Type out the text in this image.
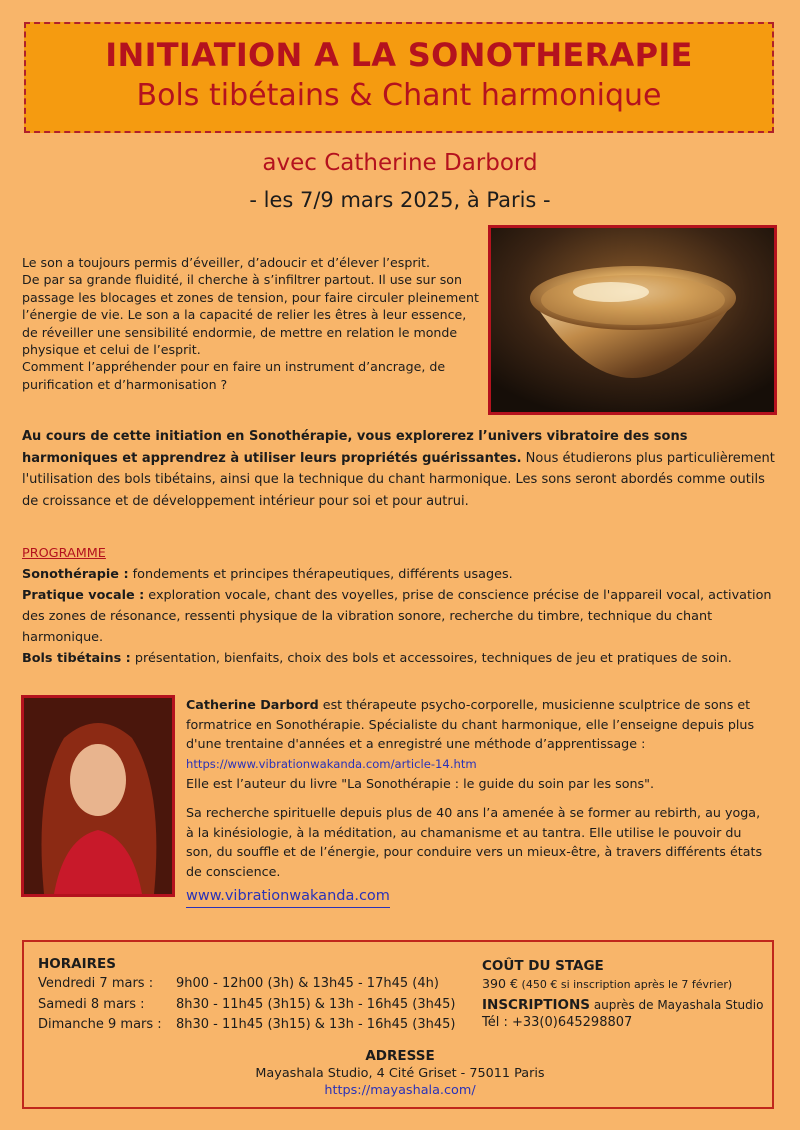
INITIATION A LA SONOTHERAPIE
Bols tibétains & Chant harmonique
avec Catherine Darbord
- les 7/9 mars 2025, à Paris -
Le son a toujours permis d’éveiller, d’adoucir et d’élever l’esprit.
De par sa grande fluidité, il cherche à s’infiltrer partout. Il use sur son passage les blocages et zones de tension, pour faire circuler pleinement l’énergie de vie. Le son a la capacité de relier les êtres à leur essence, de réveiller une sensibilité endormie, de mettre en relation le monde physique et celui de l’esprit.
Comment l’appréhender pour en faire un instrument d’ancrage, de purification et d’harmonisation ?
Au cours de cette initiation en Sonothérapie, vous explorerez l’univers vibratoire des sons harmoniques et apprendrez à utiliser leurs propriétés guérissantes. Nous étudierons plus particulièrement l'utilisation des bols tibétains, ainsi que la technique du chant harmonique. Les sons seront abordés comme outils de croissance et de développement intérieur pour soi et pour autrui.
PROGRAMME
Sonothérapie : fondements et principes thérapeutiques, différents usages.
Pratique vocale : exploration vocale, chant des voyelles, prise de conscience précise de l'appareil vocal, activation des zones de résonance, ressenti physique de la vibration sonore, recherche du timbre, technique du chant harmonique.
Bols tibétains : présentation, bienfaits, choix des bols et accessoires, techniques de jeu et pratiques de soin.

Catherine Darbord est thérapeute psycho-corporelle, musicienne sculptrice de sons et formatrice en Sonothérapie. Spécialiste du chant harmonique, elle l’enseigne depuis plus d'une trentaine d'années et a enregistré une méthode d’apprentissage :

https://www.vibrationwakanda.com/article-14.htm

Elle est l’auteur du livre "La Sonothérapie : le guide du soin par les sons".

Sa recherche spirituelle depuis plus de 40 ans l’a amenée à se former au rebirth, au yoga, à la kinésiologie, à la méditation, au chamanisme et au tantra. Elle utilise le pouvoir du son, du souffle et de l’énergie, pour conduire vers un mieux-être, à travers différents états de conscience.

www.vibrationwakanda.com
HORAIRES
Vendredi 7 mars :	9h00 - 12h00 (3h) & 13h45 - 17h45 (4h)
Samedi 8 mars :	8h30 - 11h45 (3h15) & 13h - 16h45 (3h45)
Dimanche 9 mars :	8h30 - 11h45 (3h15) & 13h - 16h45 (3h45)
COÛT DU STAGE
390 € (450 € si inscription après le 7 février)
INSCRIPTIONS auprès de Mayashala Studio
Tél : +33(0)645298807
ADRESSE
Mayashala Studio, 4 Cité Griset - 75011 Paris
https://mayashala.com/
